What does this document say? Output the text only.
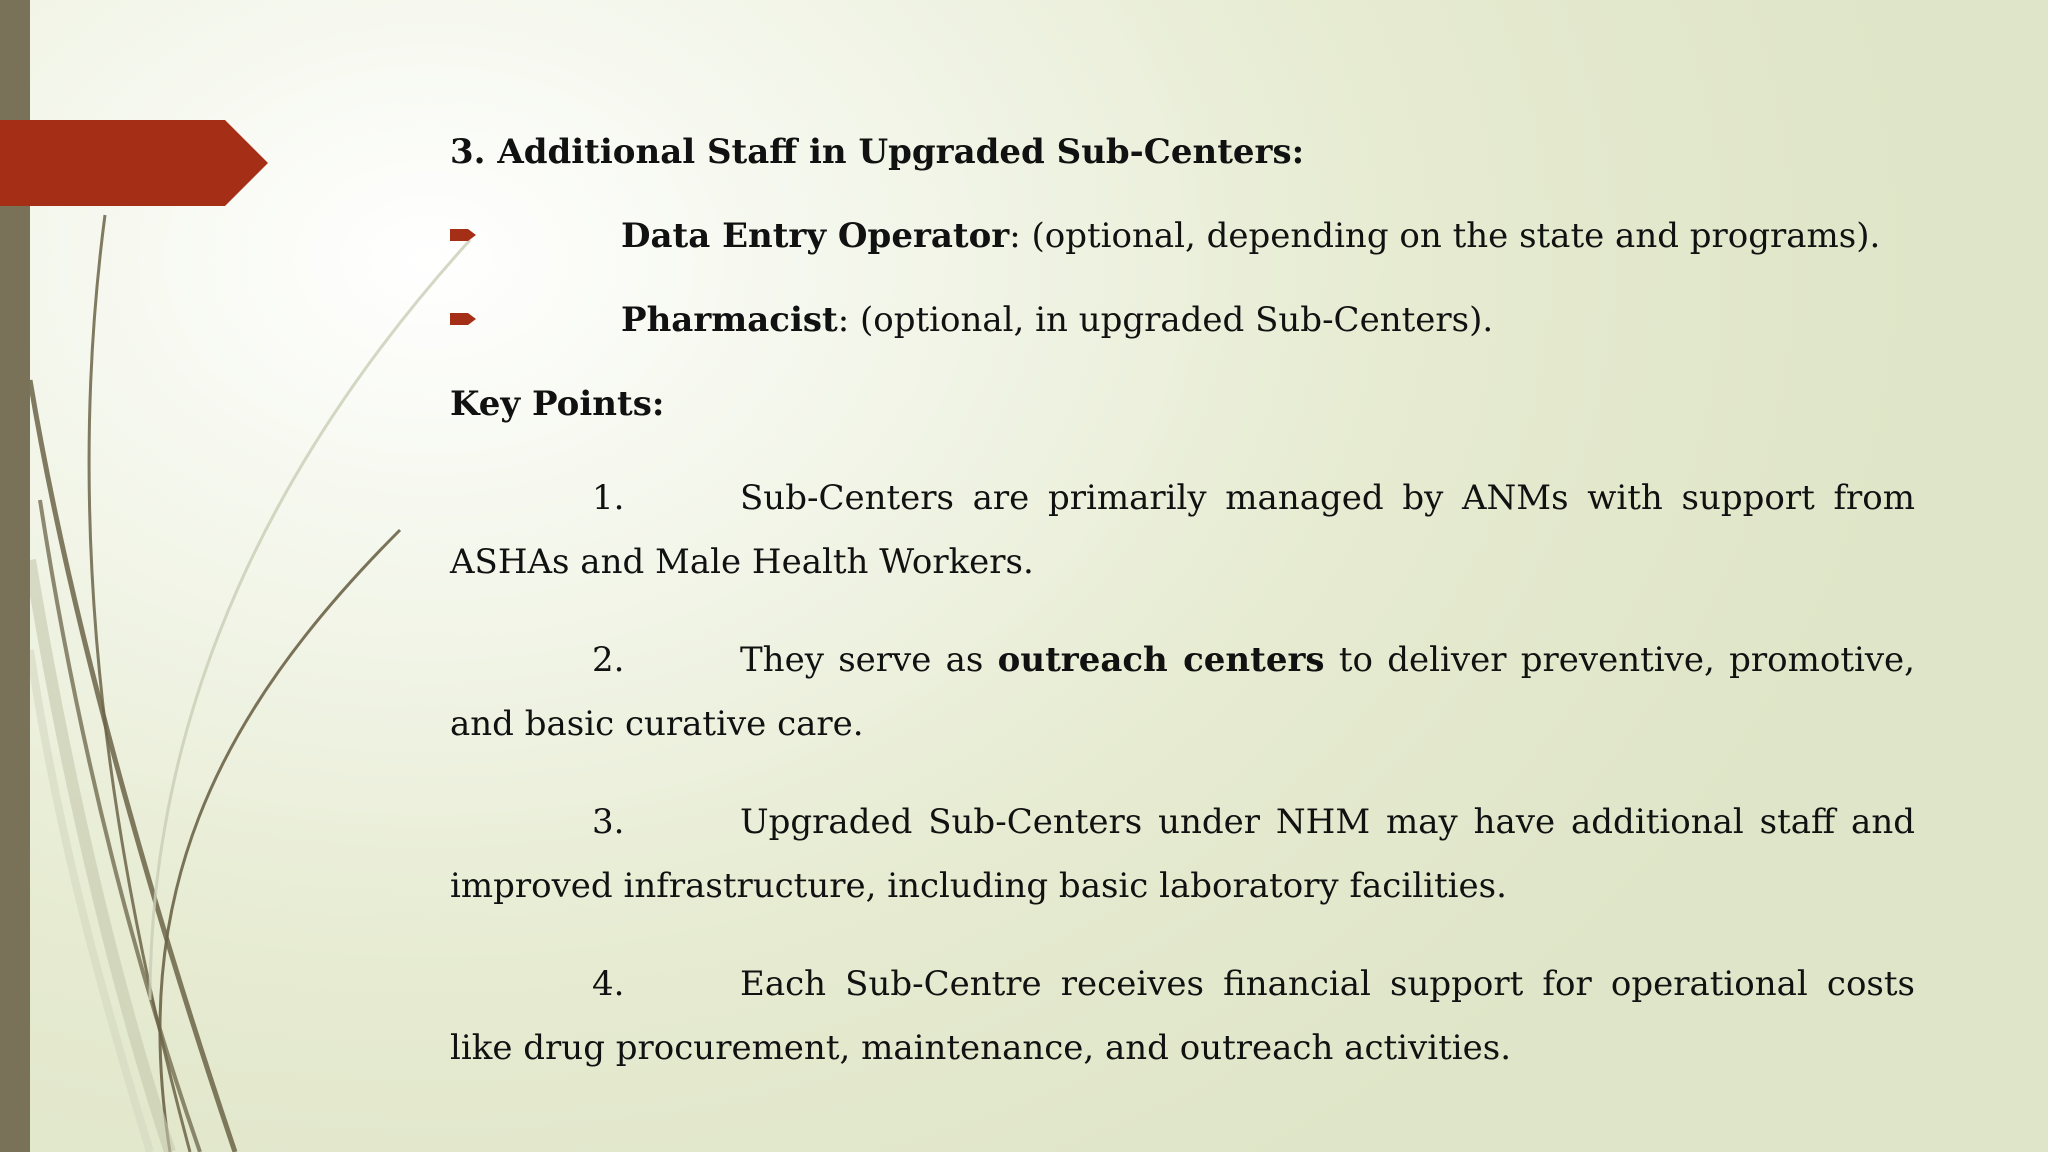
3. Additional Staff in Upgraded Sub-Centers:

Data Entry Operator: (optional, depending on the state and programs).
Pharmacist: (optional, in upgraded Sub-Centers).
Key Points:
1.	Sub-Centers are primarily managed by ANMs with support from ASHAs and Male Health Workers.
2.	They serve as outreach centers to deliver preventive, promotive, and basic curative care.
3.	Upgraded Sub-Centers under NHM may have additional staff and improved infrastructure, including basic laboratory facilities.
4.	Each Sub-Centre receives financial support for operational costs like drug procurement, maintenance, and outreach activities.
